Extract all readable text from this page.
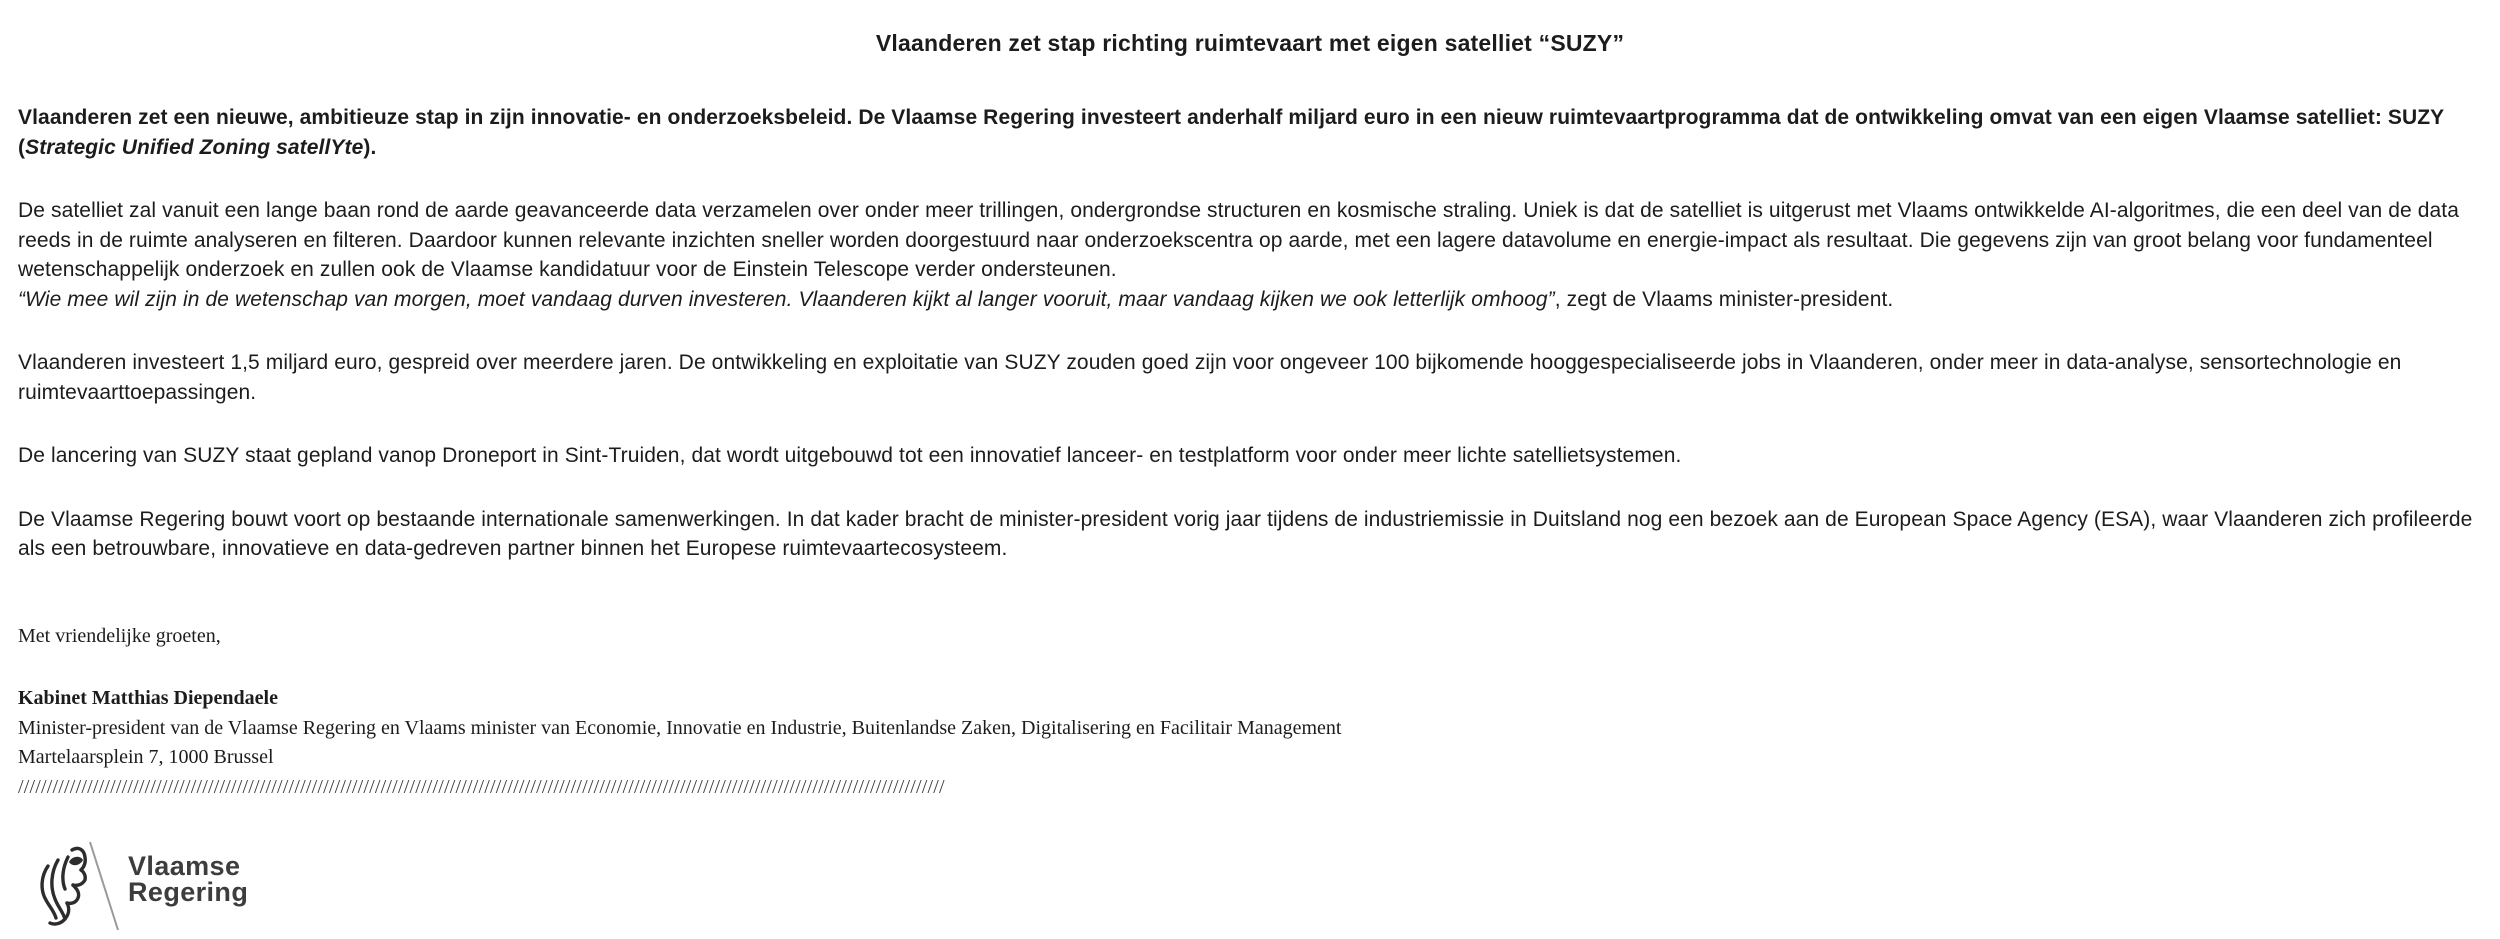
Vlaanderen zet stap richting ruimtevaart met eigen satelliet “SUZY”

Vlaanderen zet een nieuwe, ambitieuze stap in zijn innovatie- en onderzoeksbeleid. De Vlaamse Regering investeert anderhalf miljard euro in een nieuw ruimtevaartprogramma dat de ontwikkeling omvat van een eigen Vlaamse satelliet: SUZY (Strategic Unified Zoning satellYte).

De satelliet zal vanuit een lange baan rond de aarde geavanceerde data verzamelen over onder meer trillingen, ondergrondse structuren en kosmische straling. Uniek is dat de satelliet is uitgerust met Vlaams ontwikkelde AI-algoritmes, die een deel van de data reeds in de ruimte analyseren en filteren. Daardoor kunnen relevante inzichten sneller worden doorgestuurd naar onderzoekscentra op aarde, met een lagere datavolume en energie-impact als resultaat. Die gegevens zijn van groot belang voor fundamenteel wetenschappelijk onderzoek en zullen ook de Vlaamse kandidatuur voor de Einstein Telescope verder ondersteunen.

“Wie mee wil zijn in de wetenschap van morgen, moet vandaag durven investeren. Vlaanderen kijkt al langer vooruit, maar vandaag kijken we ook letterlijk omhoog”, zegt de Vlaams minister-president.

Vlaanderen investeert 1,5 miljard euro, gespreid over meerdere jaren. De ontwikkeling en exploitatie van SUZY zouden goed zijn voor ongeveer 100 bijkomende hooggespecialiseerde jobs in Vlaanderen, onder meer in data-analyse, sensortechnologie en ruimtevaarttoepassingen.

De lancering van SUZY staat gepland vanop Droneport in Sint-Truiden, dat wordt uitgebouwd tot een innovatief lanceer- en testplatform voor onder meer lichte satellietsystemen.

De Vlaamse Regering bouwt voort op bestaande internationale samenwerkingen. In dat kader bracht de minister-president vorig jaar tijdens de industriemissie in Duitsland nog een bezoek aan de European Space Agency (ESA), waar Vlaanderen zich profileerde als een betrouwbare, innovatieve en data-gedreven partner binnen het Europese ruimtevaartecosysteem.

Met vriendelijke groeten,

Kabinet Matthias Diependaele

Minister-president van de Vlaamse Regering en Vlaams minister van Economie, Innovatie en Industrie, Buitenlandse Zaken, Digitalisering en Facilitair Management

Martelaarsplein 7, 1000 Brussel

/////////////////////////////////////////////////////////////////////////////////////////////////////////////////////////////////////////////////////////////////

Vlaamse
Regering
